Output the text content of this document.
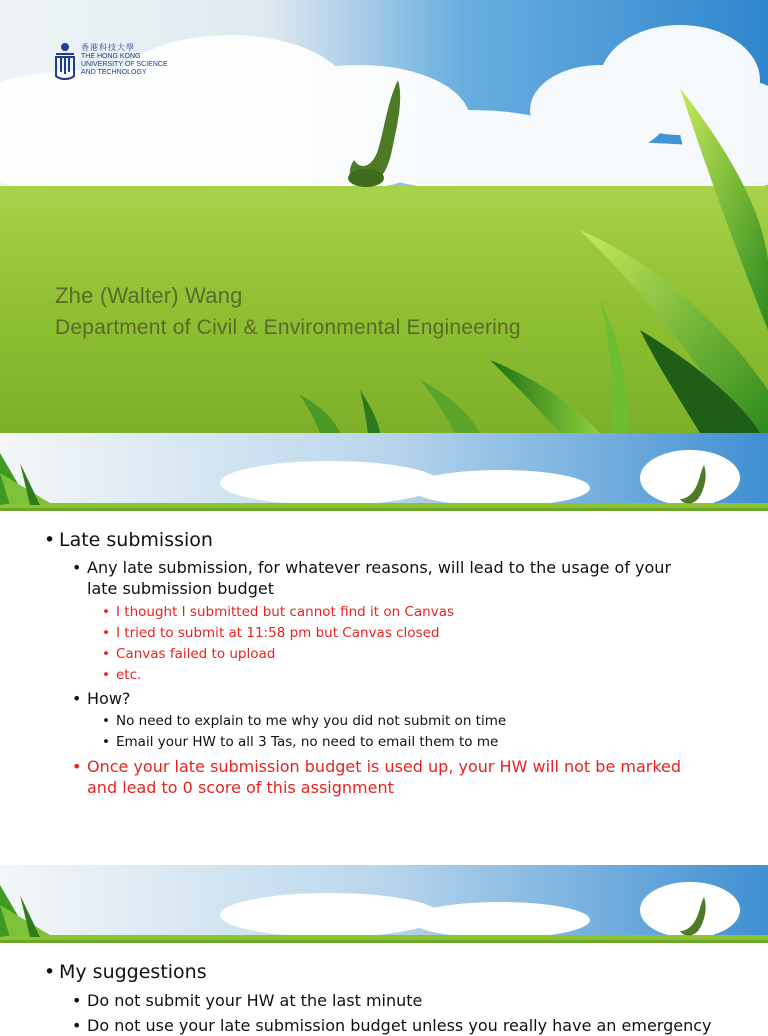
香港科技大學
THE HONG KONG
UNIVERSITY OF SCIENCE
AND TECHNOLOGY
Zhe (Walter) Wang
Department of Civil & Environmental Engineering
• Late submission
• Any late submission, for whatever reasons, will lead to the usage of your
late submission budget
• I thought I submitted but cannot find it on Canvas
• I tried to submit at 11:58 pm but Canvas closed
• Canvas failed to upload
• etc.
• How?
• No need to explain to me why you did not submit on time
• Email your HW to all 3 Tas, no need to email them to me
• Once your late submission budget is used up, your HW will not be marked
and lead to 0 score of this assignment
• My suggestions
• Do not submit your HW at the last minute
• Do not use your late submission budget unless you really have an emergency
